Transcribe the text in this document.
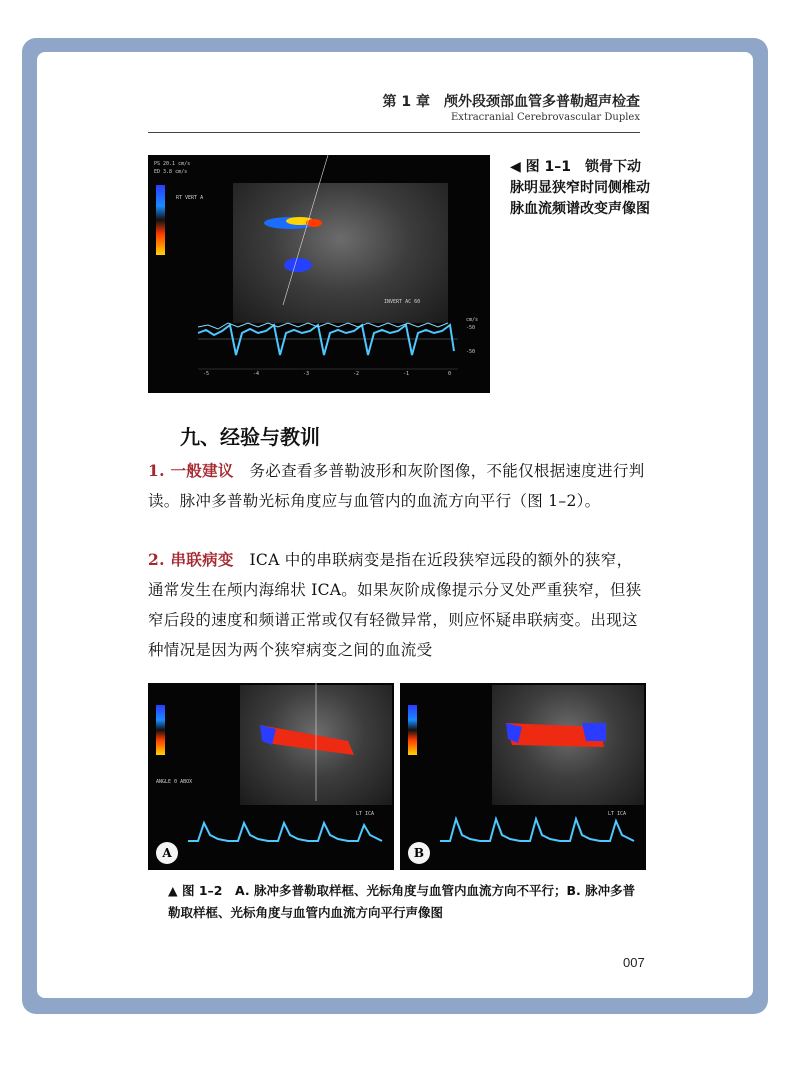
第 1 章　颅外段颈部血管多普勒超声检查
Extracranial Cerebrovascular Duplex
PS 20.1 cm/s
ED 3.8 cm/s
RT VERT A
INVERT AC 60
cm/s
-50
-50
-5	-4	-3	-2	-1	0
◀ 图 1–1　锁骨下动脉明显狭窄时同侧椎动脉血流频谱改变声像图
九、经验与教训
1. 一般建议　务必查看多普勒波形和灰阶图像，不能仅根据速度进行判读。脉冲多普勒光标角度应与血管内的血流方向平行（图 1–2）。
2. 串联病变　ICA 中的串联病变是指在近段狭窄远段的额外的狭窄，通常发生在颅内海绵状 ICA。如果灰阶成像提示分叉处严重狭窄，但狭窄后段的速度和频谱正常或仅有轻微异常，则应怀疑串联病变。出现这种情况是因为两个狭窄病变之间的血流受
ANGLE 0 ABOX
LT ICA
A
LT ICA
B
▲ 图 1–2　A. 脉冲多普勒取样框、光标角度与血管内血流方向不平行；B. 脉冲多普勒取样框、光标角度与血管内血流方向平行声像图
007
